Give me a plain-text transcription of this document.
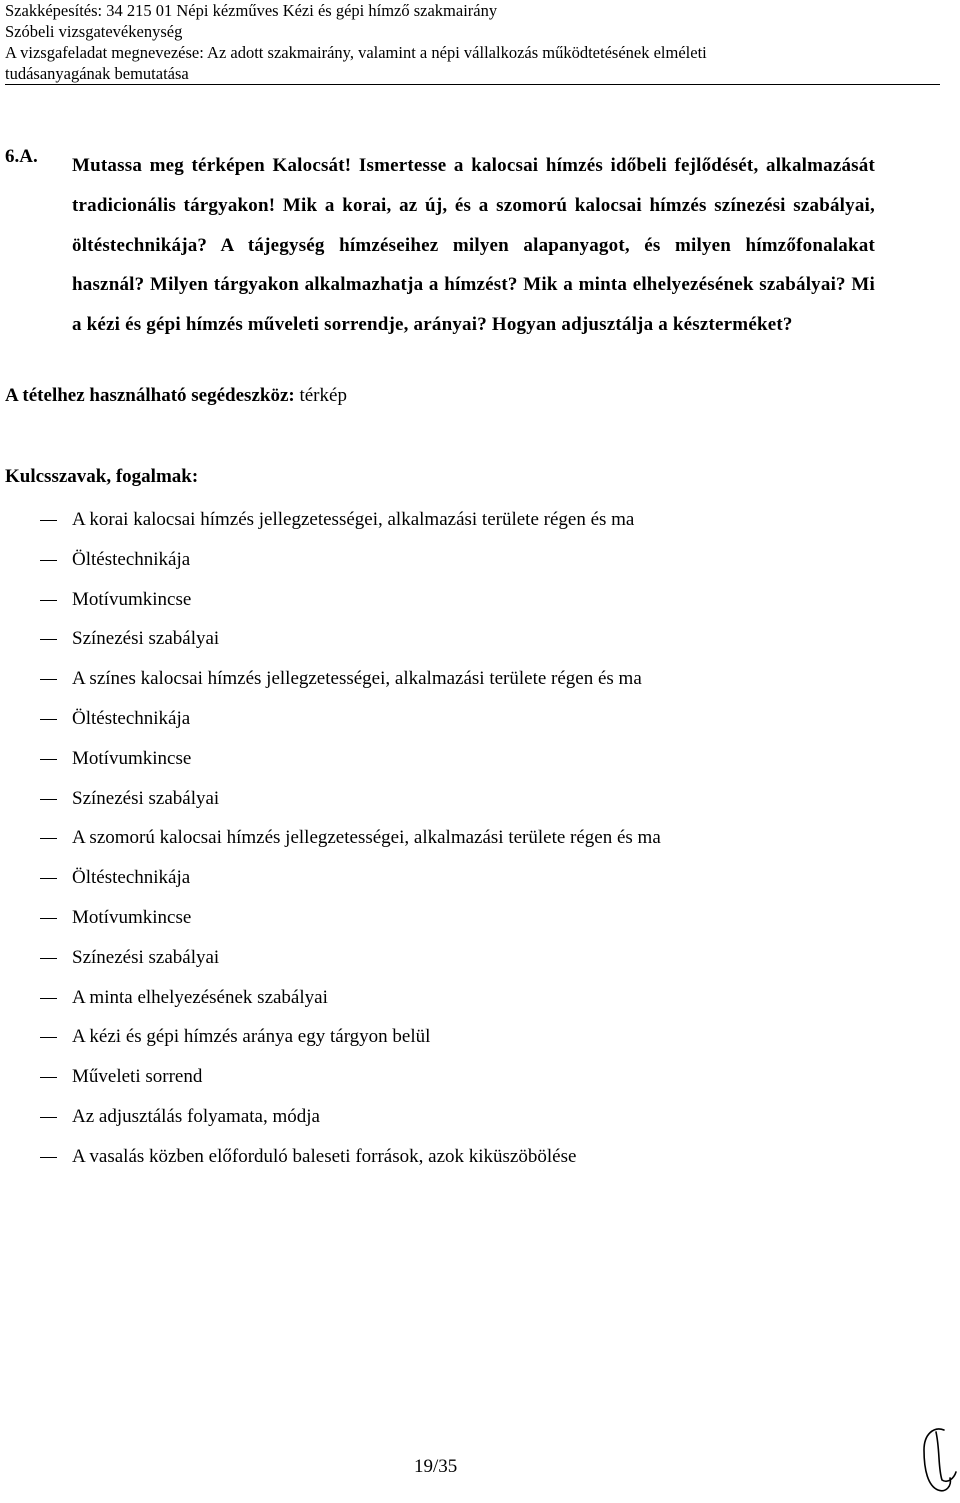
Szakképesítés: 34 215 01 Népi kézműves Kézi és gépi hímző szakmairány
Szóbeli vizsgatevékenység
A vizsgafeladat megnevezése: Az adott szakmairány, valamint a népi vállalkozás működtetésének elméleti
tudásanyagának bemutatása
6.A. Mutassa meg térképen Kalocsát! Ismertesse a kalocsai hímzés időbeli fejlődését, alkalmazását tradicionális tárgyakon! Mik a korai, az új, és a szomorú kalocsai hímzés színezési szabályai, öltéstechnikája? A tájegység hímzéseihez milyen alapanyagot, és milyen hímzőfonalakat használ? Milyen tárgyakon alkalmazhatja a hímzést? Mik a minta elhelyezésének szabályai? Mi a kézi és gépi hímzés műveleti sorrendje, arányai? Hogyan adjusztálja a készterméket?
A tételhez használható segédeszköz: térkép
Kulcsszavak, fogalmak:
A korai kalocsai hímzés jellegzetességei, alkalmazási területe régen és ma
Öltéstechnikája
Motívumkincse
Színezési szabályai
A színes kalocsai hímzés jellegzetességei, alkalmazási területe régen és ma
Öltéstechnikája
Motívumkincse
Színezési szabályai
A szomorú kalocsai hímzés jellegzetességei, alkalmazási területe régen és ma
Öltéstechnikája
Motívumkincse
Színezési szabályai
A minta elhelyezésének szabályai
A kézi és gépi hímzés aránya egy tárgyon belül
Műveleti sorrend
Az adjusztálás folyamata, módja
A vasalás közben előforduló baleseti források, azok kiküszöbölése
19/35
